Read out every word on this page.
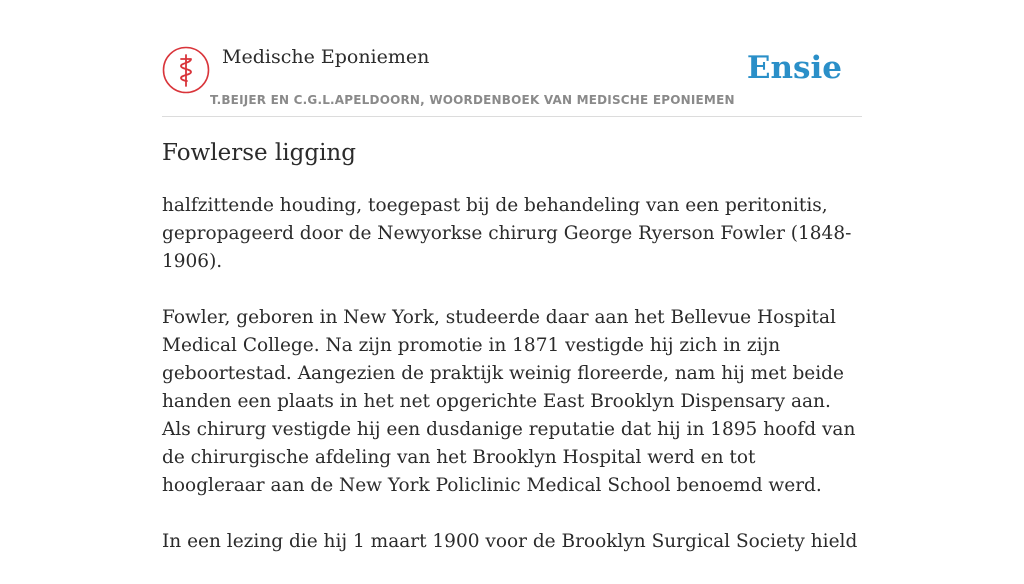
Medische Eponiemen
T.BEIJER EN C.G.L.APELDOORN, WOORDENBOEK VAN MEDISCHE EPONIEMEN
Ensie
Fowlerse ligging

halfzittende houding, toegepast bij de behandeling van een peritonitis, gepropageerd door de Newyorkse chirurg George Ryerson Fowler (1848-1906).

Fowler, geboren in New York, studeerde daar aan het Bellevue Hospital Medical College. Na zijn promotie in 1871 vestigde hij zich in zijn geboortestad. Aangezien de praktijk weinig floreerde, nam hij met beide handen een plaats in het net opgerichte East Brooklyn Dispensary aan. Als chirurg vestigde hij een dusdanige reputatie dat hij in 1895 hoofd van de chirurgische afdeling van het Brooklyn Hospital werd en tot hoogleraar aan de New York Policlinic Medical School benoemd werd.

In een lezing die hij 1 maart 1900 voor de Brooklyn Surgical Society hield
